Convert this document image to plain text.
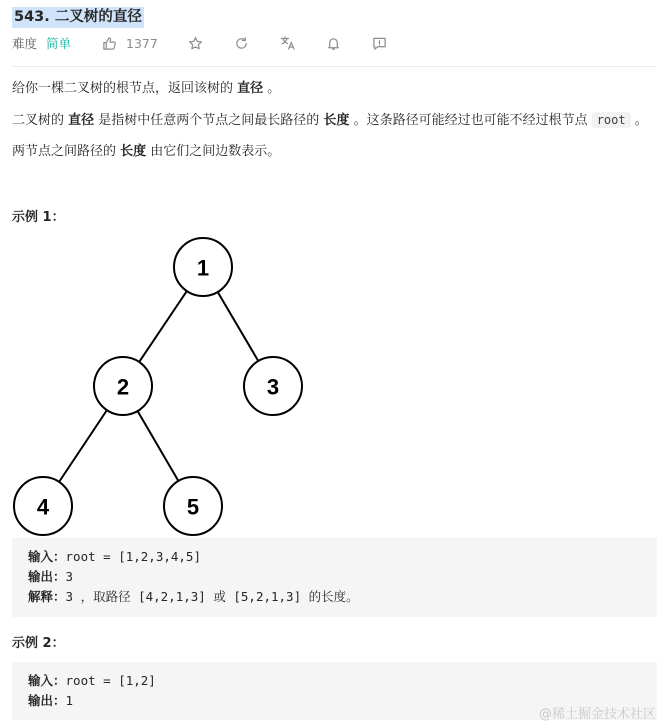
543. 二叉树的直径
难度 简单	1377
给你一棵二叉树的根节点，返回该树的 直径 。
二叉树的 直径 是指树中任意两个节点之间最长路径的 长度 。这条路径可能经过也可能不经过根节点 root 。
两节点之间路径的 长度 由它们之间边数表示。
示例 1：
1
2	3
4	5
输入：root = [1,2,3,4,5]
输出：3
解释：3 ，取路径 [4,2,1,3] 或 [5,2,1,3] 的长度。
示例 2：
输入：root = [1,2]
输出：1
@稀土掘金技术社区
